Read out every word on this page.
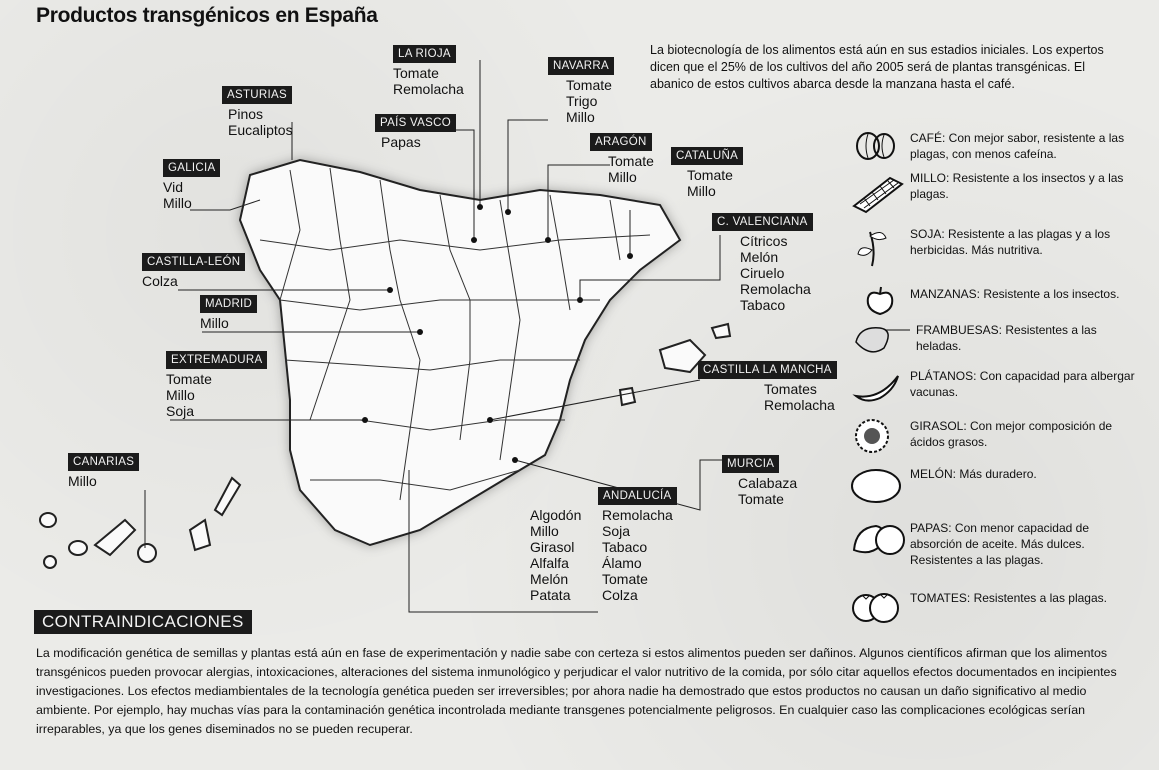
Productos transgénicos en España
La biotecnología de los alimentos está aún en sus estadios iniciales. Los expertos dicen que el 25% de los cultivos del año 2005 será de plantas transgénicas. El abanico de estos cultivos abarca desde la manzana hasta el café.
LA RIOJA
Tomate
Remolacha
NAVARRA
Tomate
Trigo
Millo
ASTURIAS
Pinos
Eucaliptos	PAÍS VASCO
Papas	ARAGÓN
Tomate
Millo
CATALUÑA
Tomate
Millo
GALICIA
Vid
Millo
C. VALENCIANA
Cítricos
Melón
Ciruelo
Remolacha
Tabaco
CASTILLA-LEÓN
Colza
MADRID
Millo
EXTREMADURA
Tomate
Millo
Soja
CASTILLA LA MANCHA
Tomates
Remolacha
CANARIAS
Millo
MURCIA
Calabaza
Tomate
ANDALUCÍA
Algodón
Millo
Girasol
Alfalfa
Melón
Patata
Remolacha
Soja
Tabaco
Álamo
Tomate
Colza
CAFÉ: Con mejor sabor, resistente a las plagas, con menos cafeína.
MILLO: Resistente a los insectos y a las plagas.
SOJA: Resistente a las plagas y a los herbicidas. Más nutritiva.
MANZANAS: Resistente a los insectos.
FRAMBUESAS: Resistentes a las heladas.
PLÁTANOS: Con capacidad para albergar vacunas.
GIRASOL: Con mejor composición de ácidos grasos.
MELÓN: Más duradero.
PAPAS: Con menor capacidad de absorción de aceite. Más dulces. Resistentes a las plagas.
TOMATES: Resistentes a las plagas.
CONTRAINDICACIONES
La modificación genética de semillas y plantas está aún en fase de experimentación y nadie sabe con certeza si estos alimentos pueden ser dañinos. Algunos científicos afirman que los alimentos transgénicos pueden provocar alergias, intoxicaciones, alteraciones del sistema inmunológico y perjudicar el valor nutritivo de la comida, por sólo citar aquellos efectos documentados en incipientes investigaciones. Los efectos mediambientales de la tecnología genética pueden ser irreversibles; por ahora nadie ha demostrado que estos productos no causan un daño significativo al medio ambiente. Por ejemplo, hay muchas vías para la contaminación genética incontrolada mediante transgenes potencialmente peligrosos. En cualquier caso las complicaciones ecológicas serían irreparables, ya que los genes diseminados no se pueden recuperar.
